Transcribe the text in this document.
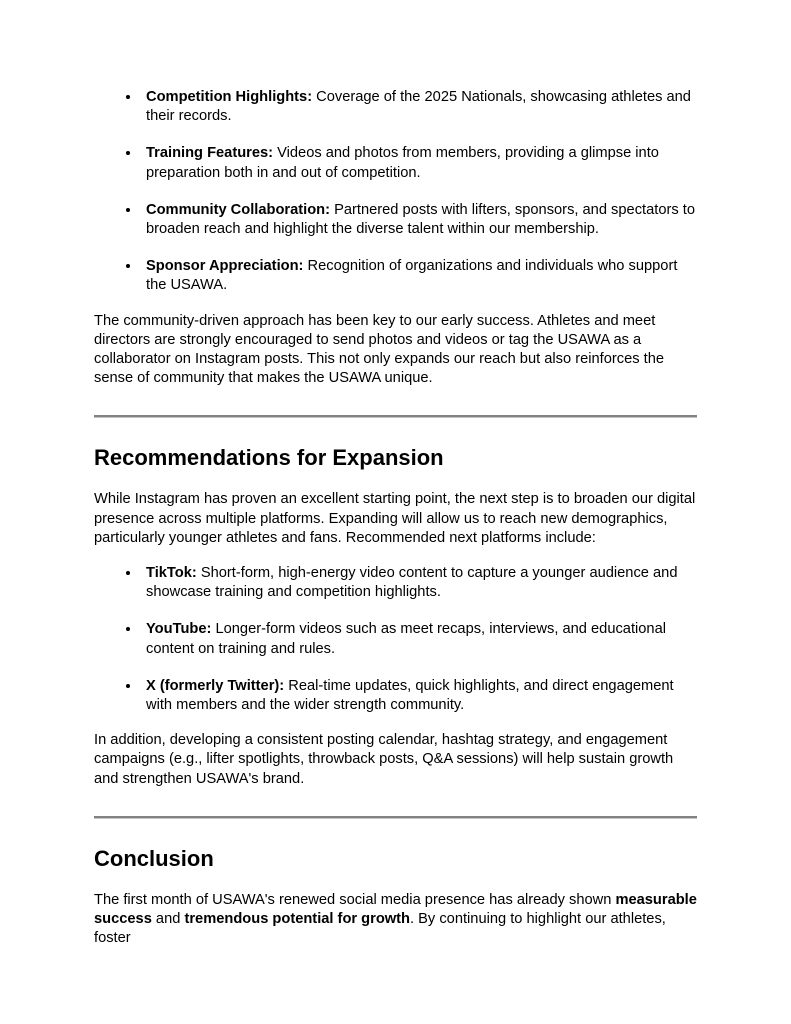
• Competition Highlights: Coverage of the 2025 Nationals, showcasing athletes and their records.
• Training Features: Videos and photos from members, providing a glimpse into preparation both in and out of competition.
• Community Collaboration: Partnered posts with lifters, sponsors, and spectators to broaden reach and highlight the diverse talent within our membership.
• Sponsor Appreciation: Recognition of organizations and individuals who support the USAWA.

The community-driven approach has been key to our early success. Athletes and meet directors are strongly encouraged to send photos and videos or tag the USAWA as a collaborator on Instagram posts. This not only expands our reach but also reinforces the sense of community that makes the USAWA unique.

Recommendations for Expansion

While Instagram has proven an excellent starting point, the next step is to broaden our digital presence across multiple platforms. Expanding will allow us to reach new demographics, particularly younger athletes and fans. Recommended next platforms include:

• TikTok: Short-form, high-energy video content to capture a younger audience and showcase training and competition highlights.
• YouTube: Longer-form videos such as meet recaps, interviews, and educational content on training and rules.
• X (formerly Twitter): Real-time updates, quick highlights, and direct engagement with members and the wider strength community.

In addition, developing a consistent posting calendar, hashtag strategy, and engagement campaigns (e.g., lifter spotlights, throwback posts, Q&A sessions) will help sustain growth and strengthen USAWA's brand.

Conclusion

The first month of USAWA's renewed social media presence has already shown measurable success and tremendous potential for growth. By continuing to highlight our athletes, foster
